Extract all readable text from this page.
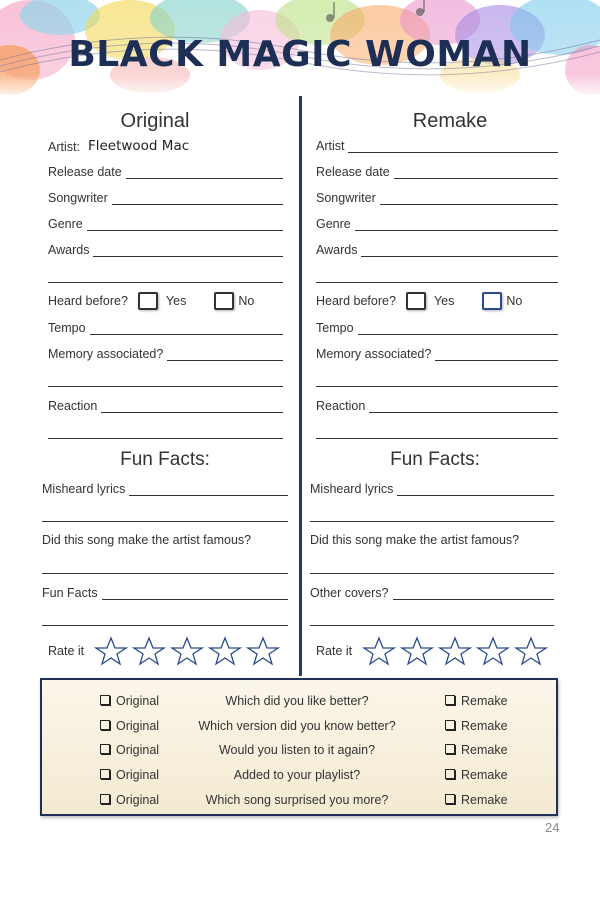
BLACK MAGIC WOMAN
Original
Artist: Fleetwood Mac
Release date
Songwriter
Genre
Awards
Heard before?	Yes	No
Tempo
Memory associated?
Reaction
Fun Facts:
Misheard lyrics
Did this song make the artist famous?
Fun Facts
Rate it
Remake
Artist
Release date
Songwriter
Genre
Awards
Heard before?	Yes	No
Tempo
Memory associated?
Reaction
Fun Facts:
Misheard lyrics
Did this song make the artist famous?
Other covers?
Rate it
Original	Which did you like better?	Remake
Original	Which version did you know better?	Remake
Original	Would you listen to it again?	Remake
Original	Added to your playlist?	Remake
Original	Which song surprised you more?	Remake
24
